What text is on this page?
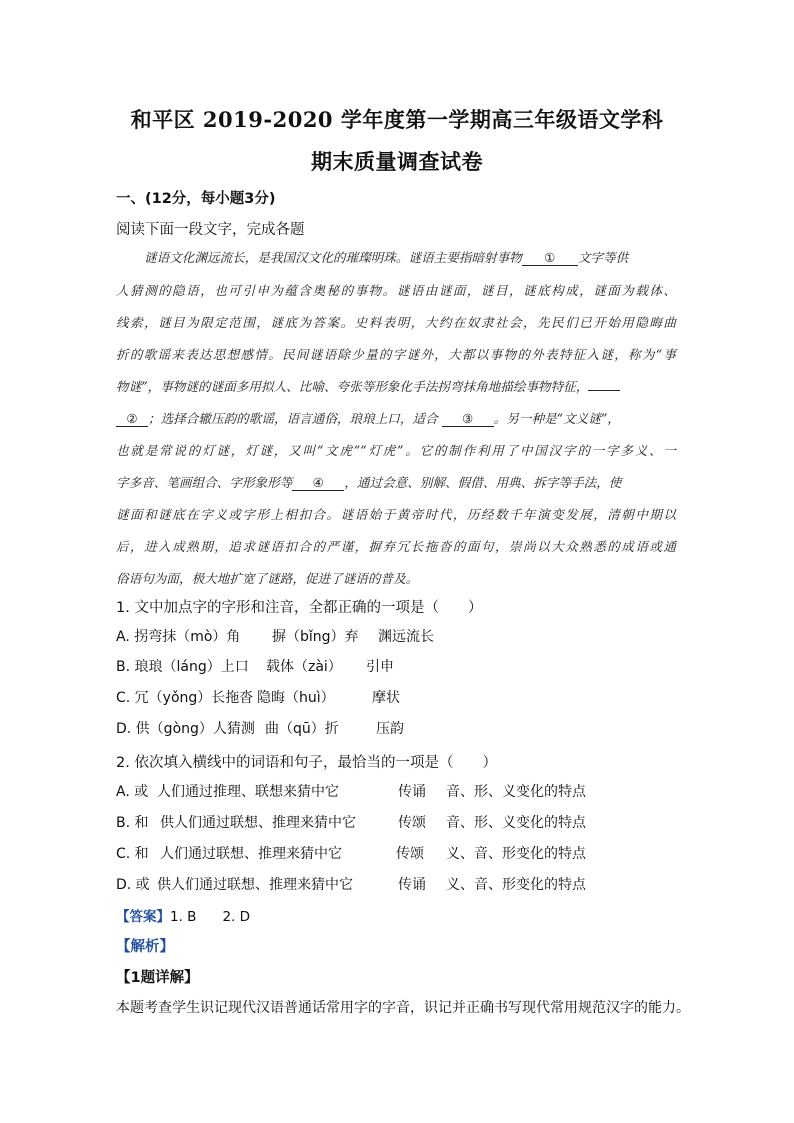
和平区 2019-2020 学年度第一学期高三年级语文学科
期末质量调查试卷
一、(12分，每小题3分)
阅读下面一段文字，完成各题
谜语文化渊远流长，是我国汉文化的璀璨明珠。谜语主要指暗射事物 ① 文字等供
人猜测的隐语，也可引申为蕴含奥秘的事物。谜语由谜面，谜目，谜底构成，谜面为载体、
线索，谜目为限定范围，谜底为答案。史料表明，大约在奴隶社会，先民们已开始用隐晦曲
折的歌谣来表达思想感情。民间谜语除少量的字谜外，大都以事物的外表特征入谜，称为“事
物谜”，事物谜的谜面多用拟人、比喻、夸张等形象化手法拐弯抹角地描绘事物特征，
② ；选择合辙压韵的歌谣，语言通俗，琅琅上口，适合 ③ 。另一种是“文义谜”，
也就是常说的灯谜，灯谜，又叫“文虎”“灯虎”。它的制作利用了中国汉字的一字多义、一
字多音、笔画组合、字形象形等 ④ ，通过会意、别解、假借、用典、拆字等手法，使
谜面和谜底在字义或字形上相扣合。谜语始于黄帝时代，历经数千年演变发展，清朝中期以
后，进入成熟期，追求谜语扣合的严谨，摒弃冗长拖沓的面句，崇尚以大众熟悉的成语或通
俗语句为面，极大地扩宽了谜路，促进了谜语的普及。
1. 文中加点字的字形和注音，全都正确的一项是（　　）
A. 拐弯抹（mò）角 摒（bǐng）弃 渊远流长
B. 琅琅（láng）上口 载体（zài） 引申
C. 冗（yǒng）长拖沓 隐晦（huì）	摩状
D. 供（gòng）人猜测 曲（qū）折	压韵
2. 依次填入横线中的词语和句子，最恰当的一项是（　　）
A. 或 人们通过推理、联想来猜中它	传诵 音、形、义变化的特点
B. 和 供人们通过联想、推理来猜中它	传颂 音、形、义变化的特点
C. 和 人们通过联想、推理来猜中它	传颂 义、音、形变化的特点
D. 或 供人们通过联想、推理来猜中它	传诵 义、音、形变化的特点
【答案】1. B 2. D
【解析】
【1题详解】
本题考查学生识记现代汉语普通话常用字的字音，识记并正确书写现代常用规范汉字的能力。
